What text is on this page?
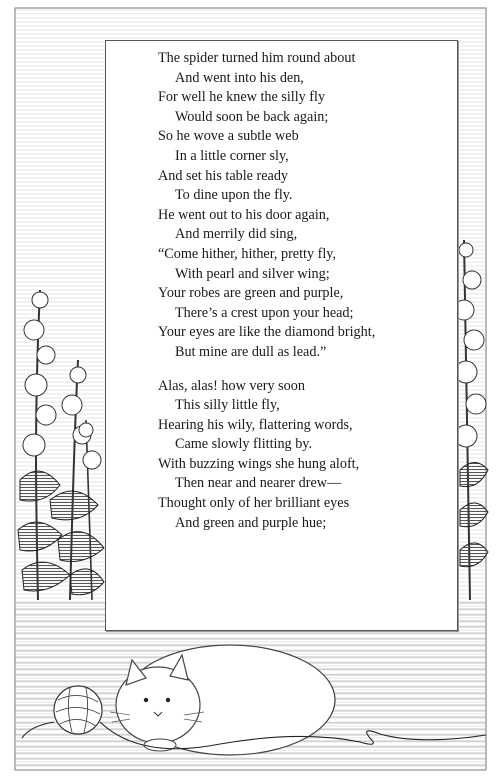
The spider turned him round about
And went into his den,
For well he knew the silly fly
Would soon be back again;
So he wove a subtle web
In a little corner sly,
And set his table ready
To dine upon the fly.
He went out to his door again,
And merrily did sing,
“Come hither, hither, pretty fly,
With pearl and silver wing;
Your robes are green and purple,
There’s a crest upon your head;
Your eyes are like the diamond bright,
But mine are dull as lead.”
Alas, alas! how very soon
This silly little fly,
Hearing his wily, flattering words,
Came slowly flitting by.
With buzzing wings she hung aloft,
Then near and nearer drew—
Thought only of her brilliant eyes
And green and purple hue;
